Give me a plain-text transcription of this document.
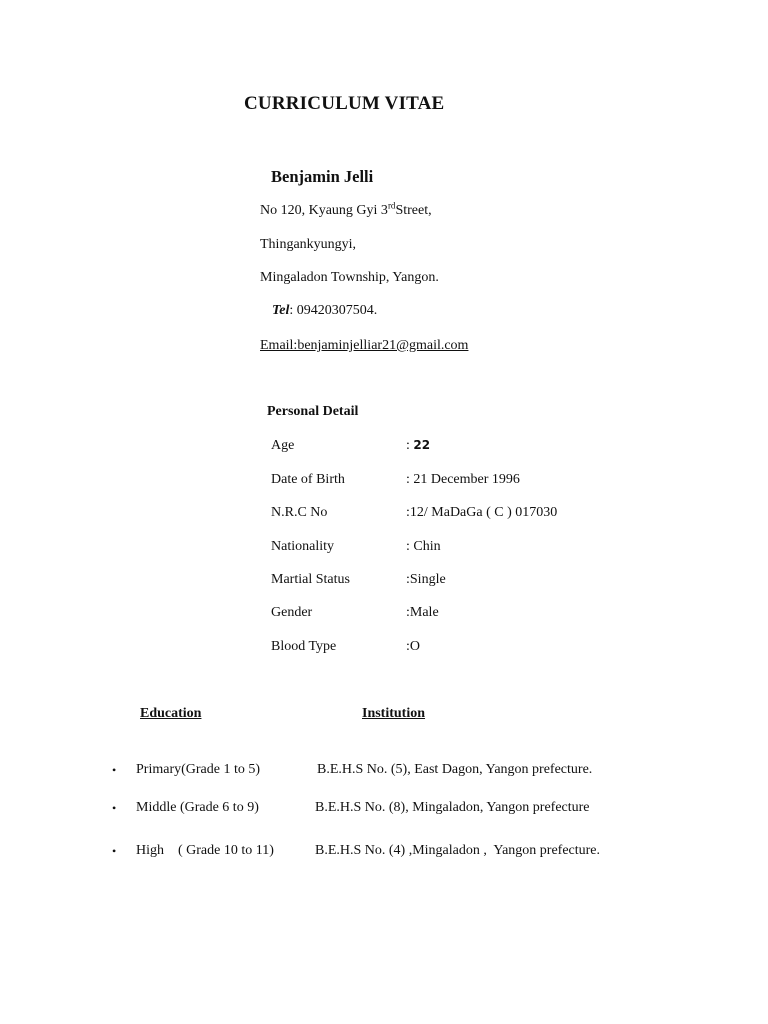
CURRICULUM VITAE
Benjamin Jelli
No 120, Kyaung Gyi 3rdStreet,
Thingankyungyi,
Mingaladon Township, Yangon.
Tel: 09420307504.
Email:benjaminjelliar21@gmail.com
Personal Detail
Age	: 22
Date of Birth	: 21 December 1996
N.R.C No	:12/ MaDaGa ( C ) 017030
Nationality	: Chin
Martial Status	:Single
Gender	:Male
Blood Type	:O
Education	Institution
• Primary(Grade 1 to 5)	B.E.H.S No. (5), East Dagon, Yangon prefecture.
• Middle (Grade 6 to 9)	B.E.H.S No. (8), Mingaladon, Yangon prefecture
• High    ( Grade 10 to 11)	B.E.H.S No. (4) ,Mingaladon ,  Yangon prefecture.
